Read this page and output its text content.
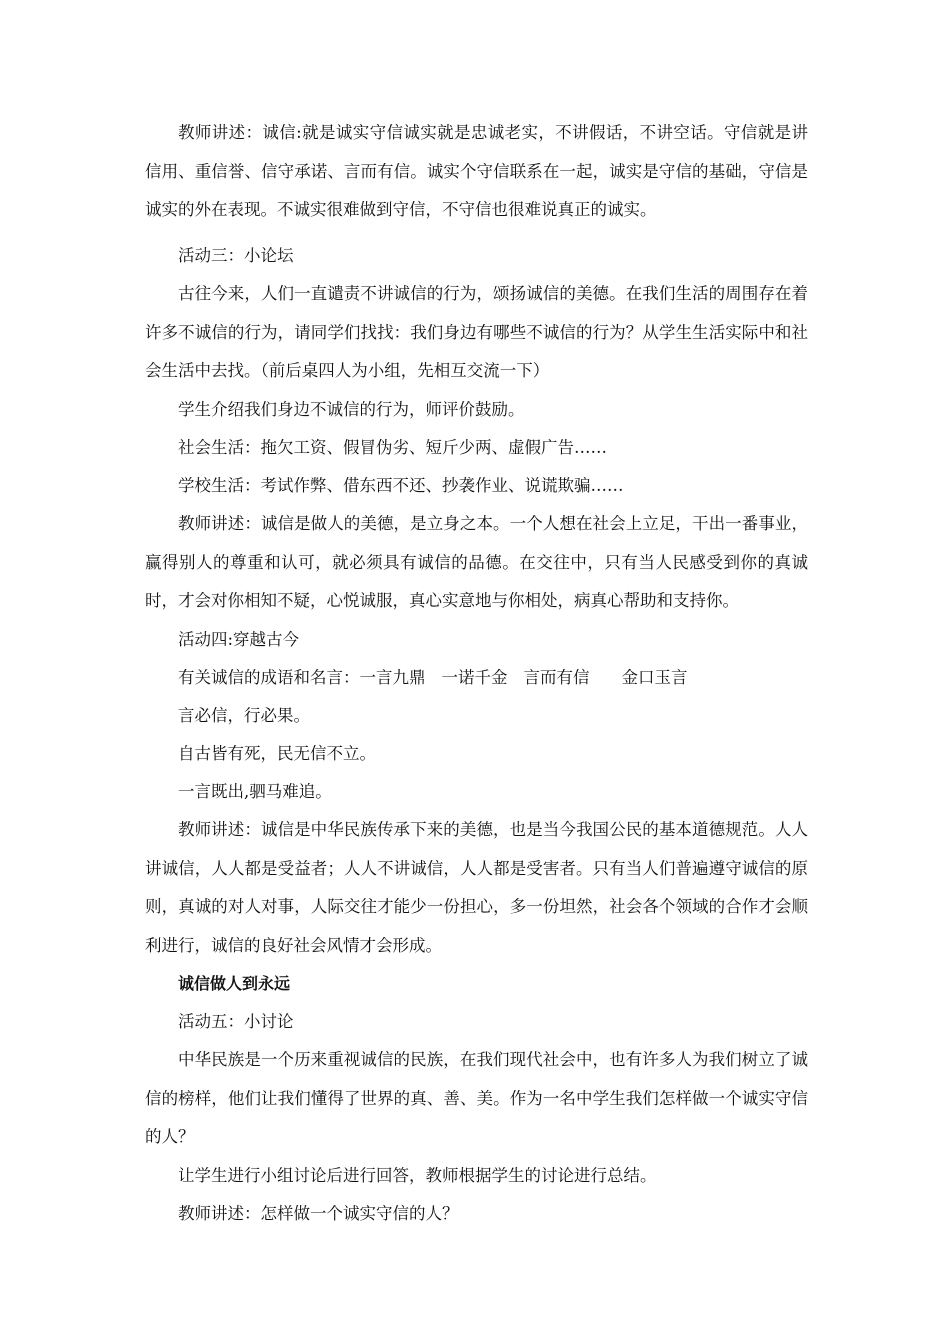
教师讲述：诚信:就是诚实守信诚实就是忠诚老实，不讲假话，不讲空话。守信就是讲信用、重信誉、信守承诺、言而有信。诚实个守信联系在一起，诚实是守信的基础，守信是诚实的外在表现。不诚实很难做到守信，不守信也很难说真正的诚实。

活动三：小论坛

古往今来，人们一直谴责不讲诚信的行为，颂扬诚信的美德。在我们生活的周围存在着许多不诚信的行为，请同学们找找：我们身边有哪些不诚信的行为？从学生生活实际中和社会生活中去找。（前后桌四人为小组，先相互交流一下）

学生介绍我们身边不诚信的行为，师评价鼓励。

社会生活：拖欠工资、假冒伪劣、短斤少两、虚假广告……

学校生活：考试作弊、借东西不还、抄袭作业、说谎欺骗……

教师讲述：诚信是做人的美德，是立身之本。一个人想在社会上立足，干出一番事业，赢得别人的尊重和认可，就必须具有诚信的品德。在交往中，只有当人民感受到你的真诚时，才会对你相知不疑，心悦诚服，真心实意地与你相处，病真心帮助和支持你。

活动四:穿越古今

有关诚信的成语和名言：一言九鼎 一诺千金 言而有信 金口玉言

言必信，行必果。

自古皆有死，民无信不立。

一言既出,驷马难追。

教师讲述：诚信是中华民族传承下来的美德，也是当今我国公民的基本道德规范。人人讲诚信，人人都是受益者；人人不讲诚信，人人都是受害者。只有当人们普遍遵守诚信的原则，真诚的对人对事，人际交往才能少一份担心，多一份坦然，社会各个领域的合作才会顺利进行，诚信的良好社会风情才会形成。

诚信做人到永远

活动五：小讨论

中华民族是一个历来重视诚信的民族，在我们现代社会中，也有许多人为我们树立了诚信的榜样，他们让我们懂得了世界的真、善、美。作为一名中学生我们怎样做一个诚实守信的人？

让学生进行小组讨论后进行回答，教师根据学生的讨论进行总结。

教师讲述：怎样做一个诚实守信的人？
